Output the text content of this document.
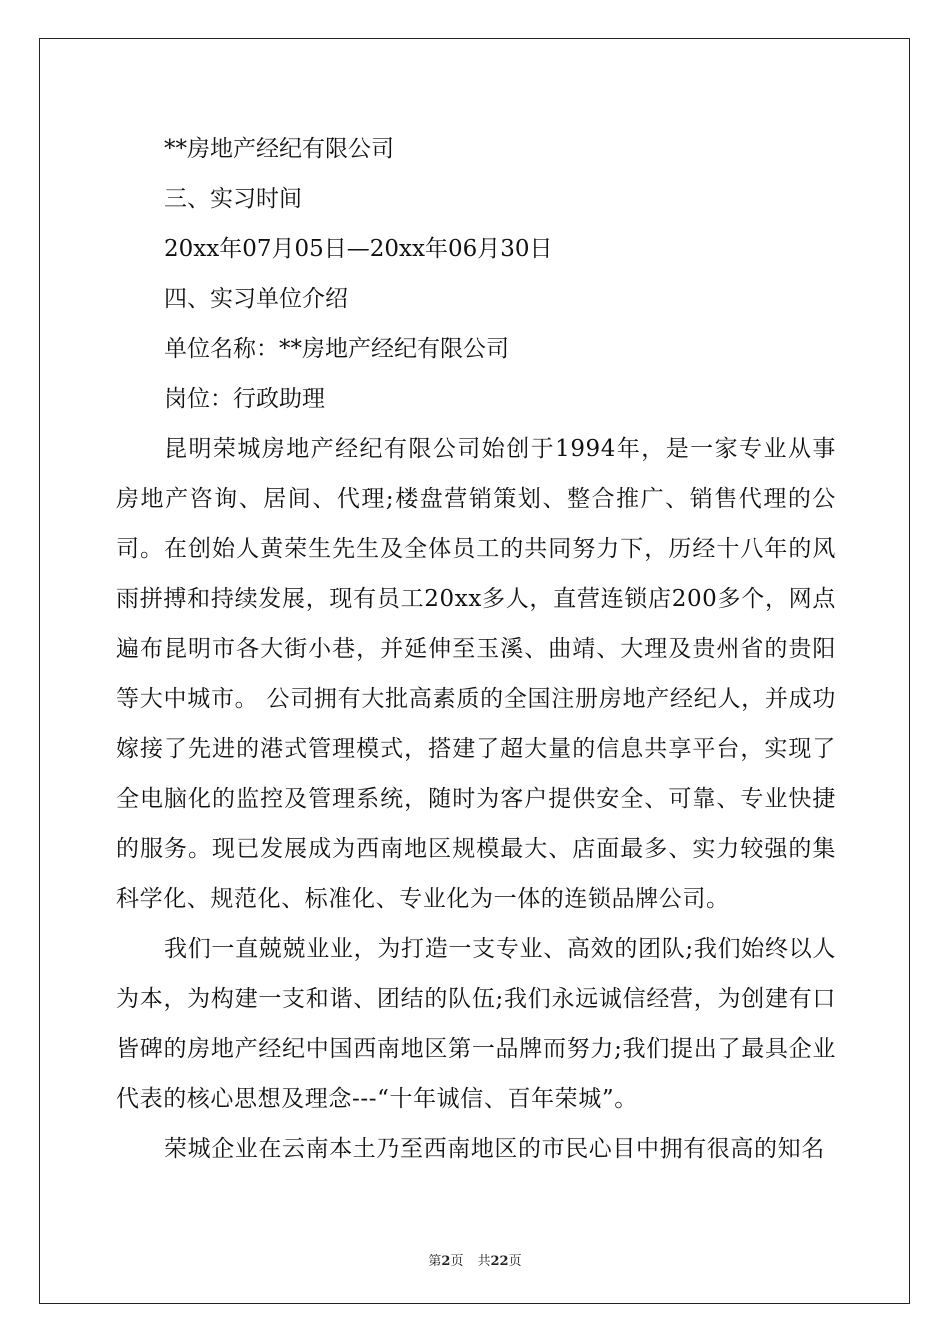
**房地产经纪有限公司
三、实习时间
20xx年07月05日—20xx年06月30日
四、实习单位介绍
单位名称：**房地产经纪有限公司
岗位：行政助理
昆明荣城房地产经纪有限公司始创于1994年，是一家专业从事房地产咨询、居间、代理;楼盘营销策划、整合推广、销售代理的公司。在创始人黄荣生先生及全体员工的共同努力下，历经十八年的风雨拼搏和持续发展，现有员工20xx多人，直营连锁店200多个，网点遍布昆明市各大街小巷，并延伸至玉溪、曲靖、大理及贵州省的贵阳等大中城市。 公司拥有大批高素质的全国注册房地产经纪人，并成功嫁接了先进的港式管理模式，搭建了超大量的信息共享平台，实现了全电脑化的监控及管理系统，随时为客户提供安全、可靠、专业快捷的服务。现已发展成为西南地区规模最大、店面最多、实力较强的集科学化、规范化、标准化、专业化为一体的连锁品牌公司。
我们一直兢兢业业，为打造一支专业、高效的团队;我们始终以人为本，为构建一支和谐、团结的队伍;我们永远诚信经营，为创建有口皆碑的房地产经纪中国西南地区第一品牌而努力;我们提出了最具企业代表的核心思想及理念---“十年诚信、百年荣城”。
荣城企业在云南本土乃至西南地区的市民心目中拥有很高的知名
第2页 共22页
